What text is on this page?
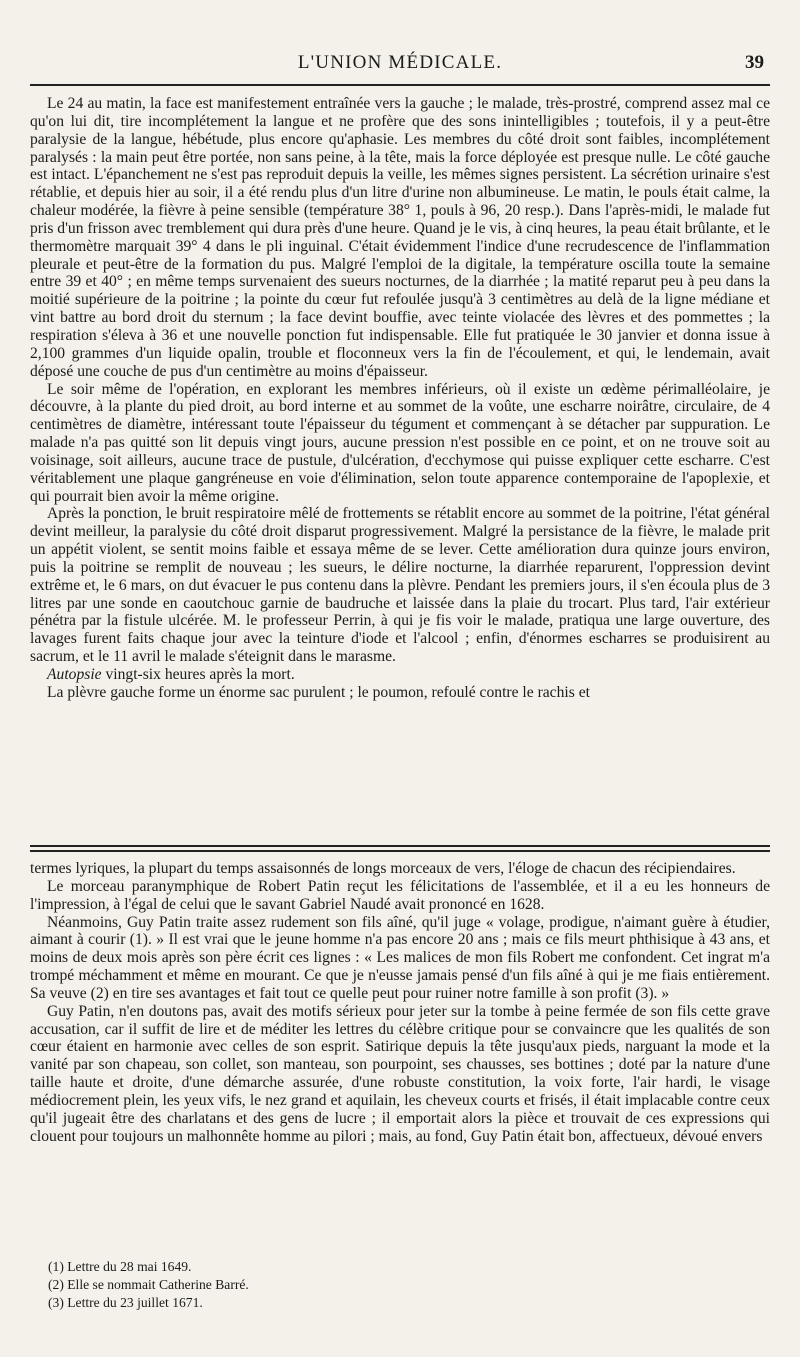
L'UNION MÉDICALE.	39

Le 24 au matin, la face est manifestement entraînée vers la gauche ; le malade, très-prostré, comprend assez mal ce qu'on lui dit, tire incomplétement la langue et ne profère que des sons inintelligibles ; toutefois, il y a peut-être paralysie de la langue, hébétude, plus encore qu'aphasie. Les membres du côté droit sont faibles, incomplétement paralysés : la main peut être portée, non sans peine, à la tête, mais la force déployée est presque nulle. Le côté gauche est intact. L'épanchement ne s'est pas reproduit depuis la veille, les mêmes signes persistent. La sécrétion urinaire s'est rétablie, et depuis hier au soir, il a été rendu plus d'un litre d'urine non albumineuse. Le matin, le pouls était calme, la chaleur modérée, la fièvre à peine sensible (température 38° 1, pouls à 96, 20 resp.). Dans l'après-midi, le malade fut pris d'un frisson avec tremblement qui dura près d'une heure. Quand je le vis, à cinq heures, la peau était brûlante, et le thermomètre marquait 39° 4 dans le pli inguinal. C'était évidemment l'indice d'une recrudescence de l'inflammation pleurale et peut-être de la formation du pus. Malgré l'emploi de la digitale, la température oscilla toute la semaine entre 39 et 40° ; en même temps survenaient des sueurs nocturnes, de la diarrhée ; la matité reparut peu à peu dans la moitié supérieure de la poitrine ; la pointe du cœur fut refoulée jusqu'à 3 centimètres au delà de la ligne médiane et vint battre au bord droit du sternum ; la face devint bouffie, avec teinte violacée des lèvres et des pommettes ; la respiration s'éleva à 36 et une nouvelle ponction fut indispensable. Elle fut pratiquée le 30 janvier et donna issue à 2,100 grammes d'un liquide opalin, trouble et floconneux vers la fin de l'écoulement, et qui, le lendemain, avait déposé une couche de pus d'un centimètre au moins d'épaisseur.

Le soir même de l'opération, en explorant les membres inférieurs, où il existe un œdème périmalléolaire, je découvre, à la plante du pied droit, au bord interne et au sommet de la voûte, une escharre noirâtre, circulaire, de 4 centimètres de diamètre, intéressant toute l'épaisseur du tégument et commençant à se détacher par suppuration. Le malade n'a pas quitté son lit depuis vingt jours, aucune pression n'est possible en ce point, et on ne trouve soit au voisinage, soit ailleurs, aucune trace de pustule, d'ulcération, d'ecchymose qui puisse expliquer cette escharre. C'est véritablement une plaque gangréneuse en voie d'élimination, selon toute apparence contemporaine de l'apoplexie, et qui pourrait bien avoir la même origine.

Après la ponction, le bruit respiratoire mêlé de frottements se rétablit encore au sommet de la poitrine, l'état général devint meilleur, la paralysie du côté droit disparut progressivement. Malgré la persistance de la fièvre, le malade prit un appétit violent, se sentit moins faible et essaya même de se lever. Cette amélioration dura quinze jours environ, puis la poitrine se remplit de nouveau ; les sueurs, le délire nocturne, la diarrhée reparurent, l'oppression devint extrême et, le 6 mars, on dut évacuer le pus contenu dans la plèvre. Pendant les premiers jours, il s'en écoula plus de 3 litres par une sonde en caoutchouc garnie de baudruche et laissée dans la plaie du trocart. Plus tard, l'air extérieur pénétra par la fistule ulcérée. M. le professeur Perrin, à qui je fis voir le malade, pratiqua une large ouverture, des lavages furent faits chaque jour avec la teinture d'iode et l'alcool ; enfin, d'énormes escharres se produisirent au sacrum, et le 11 avril le malade s'éteignit dans le marasme.

Autopsie vingt-six heures après la mort.

La plèvre gauche forme un énorme sac purulent ; le poumon, refoulé contre le rachis et

termes lyriques, la plupart du temps assaisonnés de longs morceaux de vers, l'éloge de chacun des récipiendaires.

Le morceau paranymphique de Robert Patin reçut les félicitations de l'assemblée, et il a eu les honneurs de l'impression, à l'égal de celui que le savant Gabriel Naudé avait prononcé en 1628.

Néanmoins, Guy Patin traite assez rudement son fils aîné, qu'il juge « volage, prodigue, n'aimant guère à étudier, aimant à courir (1). » Il est vrai que le jeune homme n'a pas encore 20 ans ; mais ce fils meurt phthisique à 43 ans, et moins de deux mois après son père écrit ces lignes : « Les malices de mon fils Robert me confondent. Cet ingrat m'a trompé méchamment et même en mourant. Ce que je n'eusse jamais pensé d'un fils aîné à qui je me fiais entièrement. Sa veuve (2) en tire ses avantages et fait tout ce quelle peut pour ruiner notre famille à son profit (3). »

Guy Patin, n'en doutons pas, avait des motifs sérieux pour jeter sur la tombe à peine fermée de son fils cette grave accusation, car il suffit de lire et de méditer les lettres du célèbre critique pour se convaincre que les qualités de son cœur étaient en harmonie avec celles de son esprit. Satirique depuis la tête jusqu'aux pieds, narguant la mode et la vanité par son chapeau, son collet, son manteau, son pourpoint, ses chausses, ses bottines ; doté par la nature d'une taille haute et droite, d'une démarche assurée, d'une robuste constitution, la voix forte, l'air hardi, le visage médiocrement plein, les yeux vifs, le nez grand et aquilain, les cheveux courts et frisés, il était implacable contre ceux qu'il jugeait être des charlatans et des gens de lucre ; il emportait alors la pièce et trouvait de ces expressions qui clouent pour toujours un malhonnête homme au pilori ; mais, au fond, Guy Patin était bon, affectueux, dévoué envers

(1) Lettre du 28 mai 1649.
(2) Elle se nommait Catherine Barré.
(3) Lettre du 23 juillet 1671.
